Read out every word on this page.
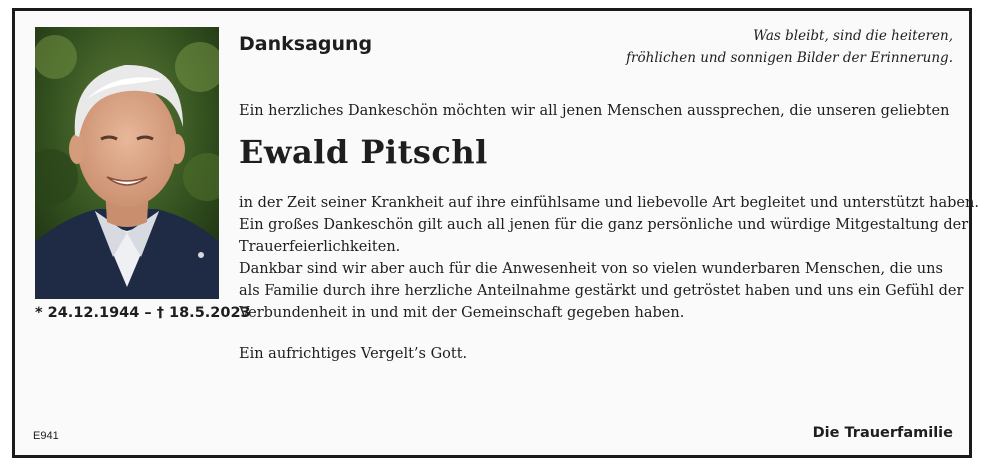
* 24.12.1944 – † 18.5.2023
Danksagung	Was bleibt, sind die heiteren,
fröhlichen und sonnigen Bilder der Erinnerung.
Ein herzliches Dankeschön möchten wir all jenen Menschen aussprechen, die unseren geliebten
Ewald Pitschl
in der Zeit seiner Krankheit auf ihre einfühlsame und liebevolle Art begleitet und unterstützt haben.
Ein großes Dankeschön gilt auch all jenen für die ganz persönliche und würdige Mitgestaltung der
Trauerfeierlichkeiten.
Dankbar sind wir aber auch für die Anwesenheit von so vielen wunderbaren Menschen, die uns
als Familie durch ihre herzliche Anteilnahme gestärkt und getröstet haben und uns ein Gefühl der
Verbundenheit in und mit der Gemeinschaft gegeben haben.
Ein aufrichtiges Vergelt’s Gott.
E941	Die Trauerfamilie
